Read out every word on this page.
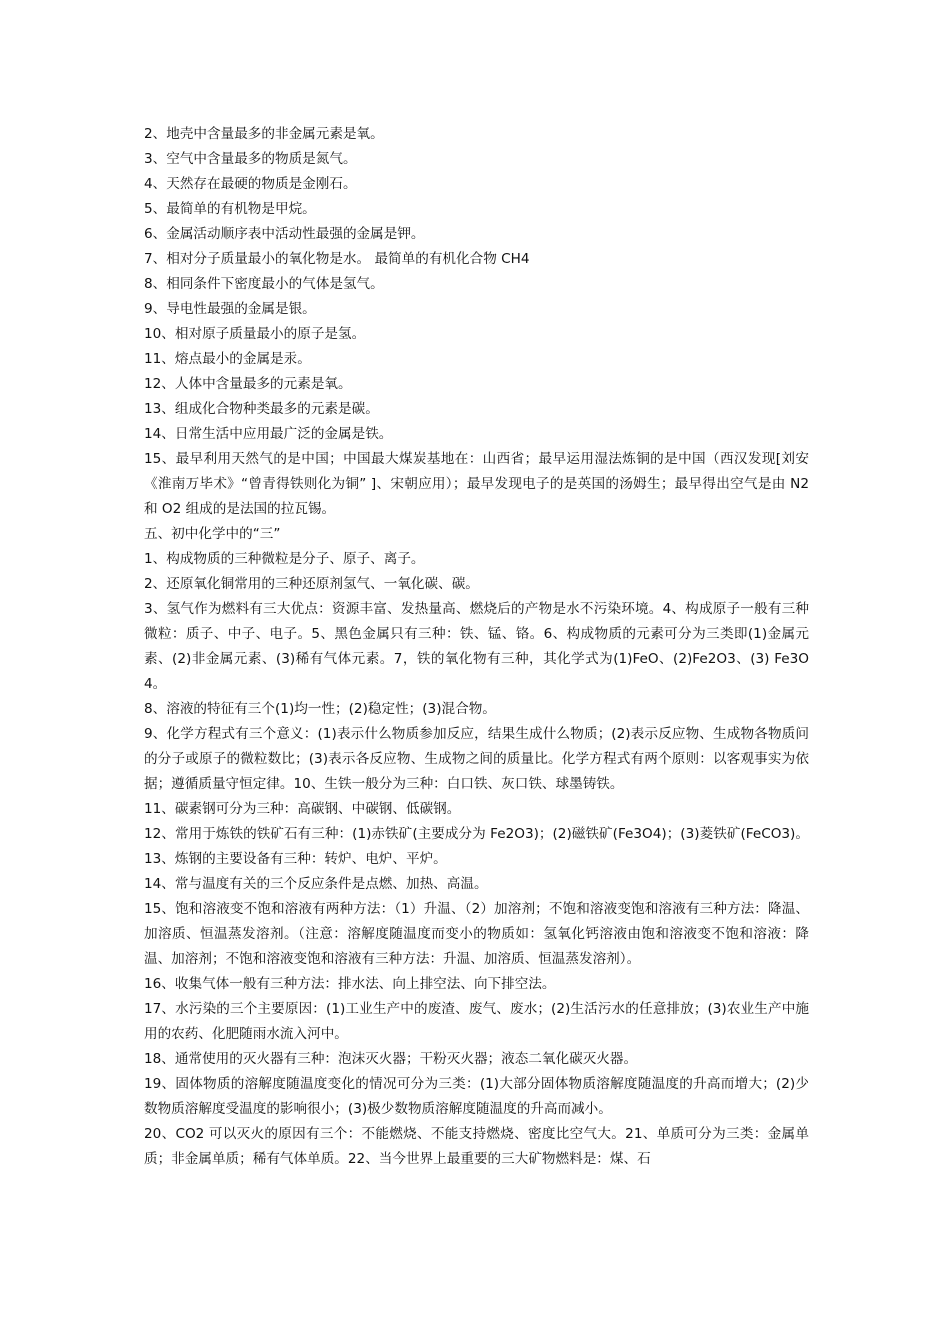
2、地壳中含量最多的非金属元素是氧。

3、空气中含量最多的物质是氮气。

4、天然存在最硬的物质是金刚石。

5、最简单的有机物是甲烷。

6、金属活动顺序表中活动性最强的金属是钾。

7、相对分子质量最小的氧化物是水。 最简单的有机化合物 CH4

8、相同条件下密度最小的气体是氢气。

9、导电性最强的金属是银。

10、相对原子质量最小的原子是氢。

11、熔点最小的金属是汞。

12、人体中含量最多的元素是氧。

13、组成化合物种类最多的元素是碳。

14、日常生活中应用最广泛的金属是铁。

15、最早利用天然气的是中国；中国最大煤炭基地在：山西省；最早运用湿法炼铜的是中国（西汉发现[刘安《淮南万毕术》“曾青得铁则化为铜” ]、宋朝应用）；最早发现电子的是英国的汤姆生；最早得出空气是由 N2 和 O2 组成的是法国的拉瓦锡。

五、初中化学中的“三”

1、构成物质的三种微粒是分子、原子、离子。

2、还原氧化铜常用的三种还原剂氢气、一氧化碳、碳。

3、氢气作为燃料有三大优点：资源丰富、发热量高、燃烧后的产物是水不污染环境。4、构成原子一般有三种微粒：质子、中子、电子。5、黑色金属只有三种：铁、锰、铬。6、构成物质的元素可分为三类即(1)金属元素、(2)非金属元素、(3)稀有气体元素。7，铁的氧化物有三种，其化学式为(1)FeO、(2)Fe2O3、(3) Fe3O4。

8、溶液的特征有三个(1)均一性；(2)稳定性；(3)混合物。

9、化学方程式有三个意义：(1)表示什么物质参加反应，结果生成什么物质；(2)表示反应物、生成物各物质问的分子或原子的微粒数比；(3)表示各反应物、生成物之间的质量比。化学方程式有两个原则：以客观事实为依据；遵循质量守恒定律。10、生铁一般分为三种：白口铁、灰口铁、球墨铸铁。

11、碳素钢可分为三种：高碳钢、中碳钢、低碳钢。

12、常用于炼铁的铁矿石有三种：(1)赤铁矿(主要成分为 Fe2O3)；(2)磁铁矿(Fe3O4)；(3)菱铁矿(FeCO3)。13、炼钢的主要设备有三种：转炉、电炉、平炉。

14、常与温度有关的三个反应条件是点燃、加热、高温。

15、饱和溶液变不饱和溶液有两种方法：（1）升温、（2）加溶剂；不饱和溶液变饱和溶液有三种方法：降温、加溶质、恒温蒸发溶剂。（注意：溶解度随温度而变小的物质如：氢氧化钙溶液由饱和溶液变不饱和溶液：降温、加溶剂；不饱和溶液变饱和溶液有三种方法：升温、加溶质、恒温蒸发溶剂）。

16、收集气体一般有三种方法：排水法、向上排空法、向下排空法。

17、水污染的三个主要原因：(1)工业生产中的废渣、废气、废水；(2)生活污水的任意排放；(3)农业生产中施用的农药、化肥随雨水流入河中。

18、通常使用的灭火器有三种：泡沫灭火器；干粉灭火器；液态二氧化碳灭火器。

19、固体物质的溶解度随温度变化的情况可分为三类：(1)大部分固体物质溶解度随温度的升高而增大；(2)少数物质溶解度受温度的影响很小；(3)极少数物质溶解度随温度的升高而减小。

20、CO2 可以灭火的原因有三个：不能燃烧、不能支持燃烧、密度比空气大。21、单质可分为三类：金属单质；非金属单质；稀有气体单质。22、当今世界上最重要的三大矿物燃料是：煤、石
